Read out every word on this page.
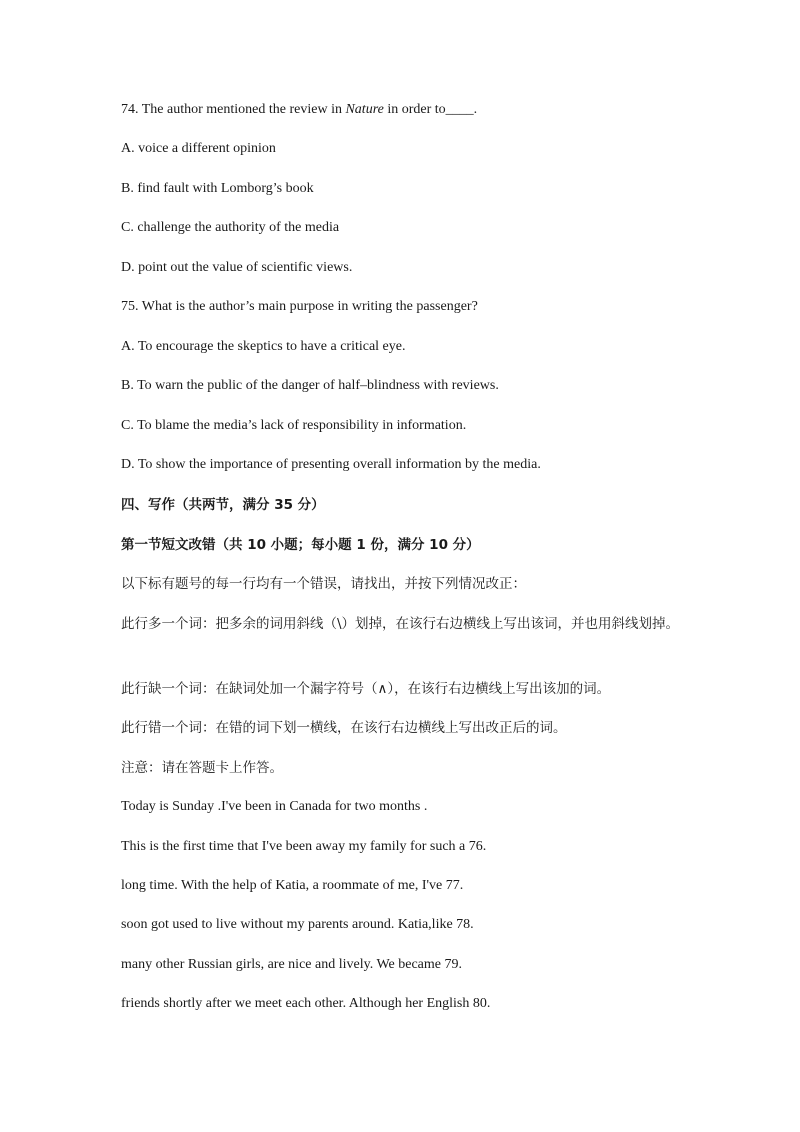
74. The author mentioned the review in Nature in order to____.
A. voice a different opinion
B. find fault with Lomborg’s book
C. challenge the authority of the media
D. point out the value of scientific views.
75. What is the author’s main purpose in writing the passenger?
A. To encourage the skeptics to have a critical eye.
B. To warn the public of the danger of half–blindness with reviews.
C. To blame the media’s lack of responsibility in information.
D. To show the importance of presenting overall information by the media.
四、写作（共两节，满分 35 分）
第一节短文改错（共 10 小题；每小题 1 份，满分 10 分）
以下标有题号的每一行均有一个错误，请找出，并按下列情况改正：
此行多一个词：把多余的词用斜线（\）划掉，在该行右边横线上写出该词，并也用斜线划掉。
此行缺一个词：在缺词处加一个漏字符号（∧），在该行右边横线上写出该加的词。
此行错一个词：在错的词下划一横线，在该行右边横线上写出改正后的词。
注意：请在答题卡上作答。
Today is Sunday .I've been in Canada for two months .
This is the first time that I've been away my family for such a 76.
long time. With the help of Katia, a roommate of me, I've 77.
soon got used to live without my parents around. Katia,like 78.
many other Russian girls, are nice and lively. We became 79.
friends shortly after we meet each other. Although her English 80.
